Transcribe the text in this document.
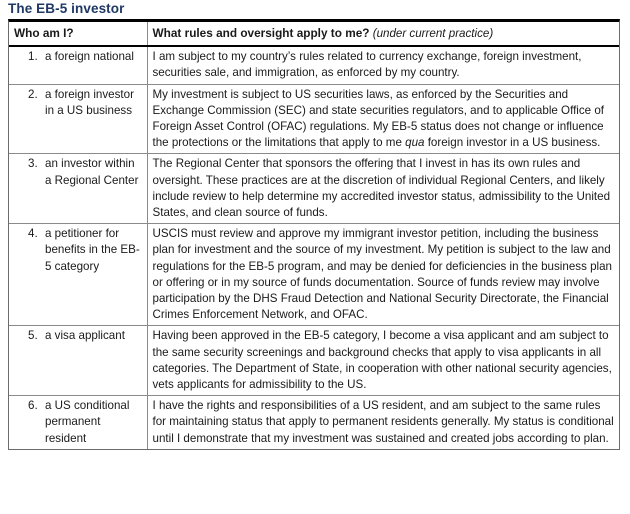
The EB-5 investor
Who am I?	What rules and oversight apply to me? (under current practice)

1. a foreign national	I am subject to my country’s rules related to currency exchange, foreign investment, securities sale, and immigration, as enforced by my country.

2. a foreign investor in a US business	My investment is subject to US securities laws, as enforced by the Securities and Exchange Commission (SEC) and state securities regulators, and to applicable Office of Foreign Asset Control (OFAC) regulations. My EB-5 status does not change or influence the protections or the limitations that apply to me qua foreign investor in a US business.

3. an investor within a Regional Center	The Regional Center that sponsors the offering that I invest in has its own rules and oversight. These practices are at the discretion of individual Regional Centers, and likely include review to help determine my accredited investor status, admissibility to the United States, and clean source of funds.

4. a petitioner for benefits in the EB-5 category	USCIS must review and approve my immigrant investor petition, including the business plan for investment and the source of my investment. My petition is subject to the law and regulations for the EB-5 program, and may be denied for deficiencies in the business plan or offering or in my source of funds documentation. Source of funds review may involve participation by the DHS Fraud Detection and National Security Directorate, the Financial Crimes Enforcement Network, and OFAC.

5. a visa applicant	Having been approved in the EB-5 category, I become a visa applicant and am subject to the same security screenings and background checks that apply to visa applicants in all categories. The Department of State, in cooperation with other national security agencies, vets applicants for admissibility to the US.

6. a US conditional permanent resident	I have the rights and responsibilities of a US resident, and am subject to the same rules for maintaining status that apply to permanent residents generally. My status is conditional until I demonstrate that my investment was sustained and created jobs according to plan.
